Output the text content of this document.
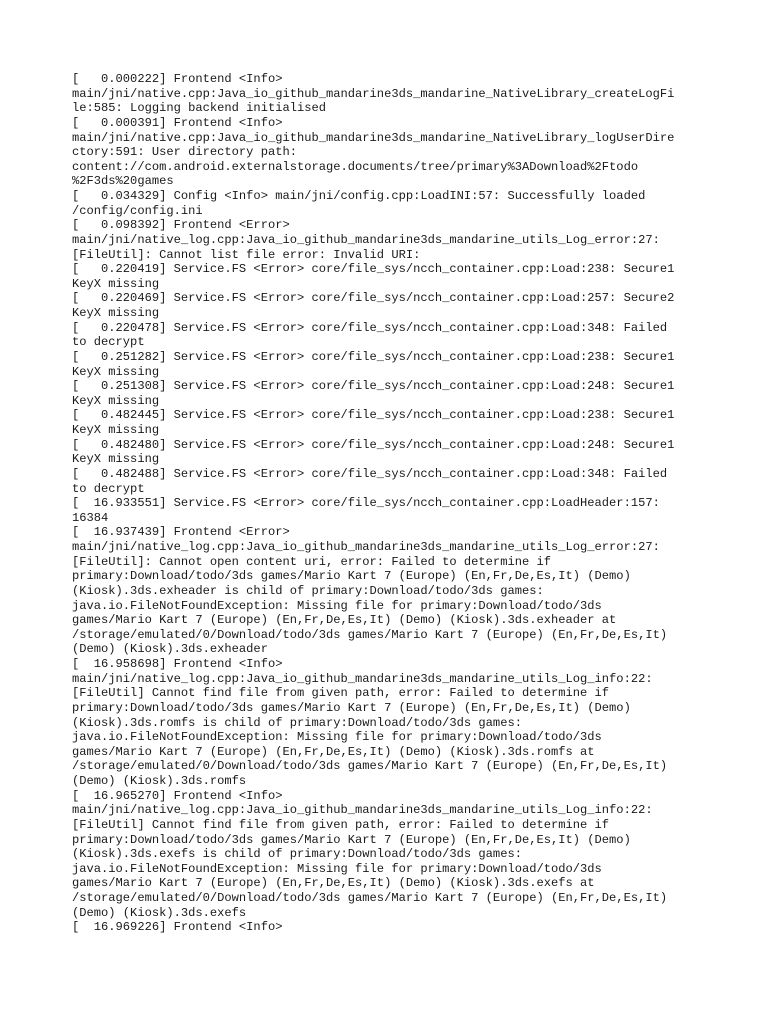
[   0.000222] Frontend <Info>
main/jni/native.cpp:Java_io_github_mandarine3ds_mandarine_NativeLibrary_createLogFi
le:585: Logging backend initialised
[   0.000391] Frontend <Info>
main/jni/native.cpp:Java_io_github_mandarine3ds_mandarine_NativeLibrary_logUserDire
ctory:591: User directory path:
content://com.android.externalstorage.documents/tree/primary%3ADownload%2Ftodo
%2F3ds%20games
[   0.034329] Config <Info> main/jni/config.cpp:LoadINI:57: Successfully loaded
/config/config.ini
[   0.098392] Frontend <Error>
main/jni/native_log.cpp:Java_io_github_mandarine3ds_mandarine_utils_Log_error:27:
[FileUtil]: Cannot list file error: Invalid URI:
[   0.220419] Service.FS <Error> core/file_sys/ncch_container.cpp:Load:238: Secure1
KeyX missing
[   0.220469] Service.FS <Error> core/file_sys/ncch_container.cpp:Load:257: Secure2
KeyX missing
[   0.220478] Service.FS <Error> core/file_sys/ncch_container.cpp:Load:348: Failed
to decrypt
[   0.251282] Service.FS <Error> core/file_sys/ncch_container.cpp:Load:238: Secure1
KeyX missing
[   0.251308] Service.FS <Error> core/file_sys/ncch_container.cpp:Load:248: Secure1
KeyX missing
[   0.482445] Service.FS <Error> core/file_sys/ncch_container.cpp:Load:238: Secure1
KeyX missing
[   0.482480] Service.FS <Error> core/file_sys/ncch_container.cpp:Load:248: Secure1
KeyX missing
[   0.482488] Service.FS <Error> core/file_sys/ncch_container.cpp:Load:348: Failed
to decrypt
[  16.933551] Service.FS <Error> core/file_sys/ncch_container.cpp:LoadHeader:157:
16384
[  16.937439] Frontend <Error>
main/jni/native_log.cpp:Java_io_github_mandarine3ds_mandarine_utils_Log_error:27:
[FileUtil]: Cannot open content uri, error: Failed to determine if
primary:Download/todo/3ds games/Mario Kart 7 (Europe) (En,Fr,De,Es,It) (Demo)
(Kiosk).3ds.exheader is child of primary:Download/todo/3ds games:
java.io.FileNotFoundException: Missing file for primary:Download/todo/3ds
games/Mario Kart 7 (Europe) (En,Fr,De,Es,It) (Demo) (Kiosk).3ds.exheader at
/storage/emulated/0/Download/todo/3ds games/Mario Kart 7 (Europe) (En,Fr,De,Es,It)
(Demo) (Kiosk).3ds.exheader
[  16.958698] Frontend <Info>
main/jni/native_log.cpp:Java_io_github_mandarine3ds_mandarine_utils_Log_info:22:
[FileUtil] Cannot find file from given path, error: Failed to determine if
primary:Download/todo/3ds games/Mario Kart 7 (Europe) (En,Fr,De,Es,It) (Demo)
(Kiosk).3ds.romfs is child of primary:Download/todo/3ds games:
java.io.FileNotFoundException: Missing file for primary:Download/todo/3ds
games/Mario Kart 7 (Europe) (En,Fr,De,Es,It) (Demo) (Kiosk).3ds.romfs at
/storage/emulated/0/Download/todo/3ds games/Mario Kart 7 (Europe) (En,Fr,De,Es,It)
(Demo) (Kiosk).3ds.romfs
[  16.965270] Frontend <Info>
main/jni/native_log.cpp:Java_io_github_mandarine3ds_mandarine_utils_Log_info:22:
[FileUtil] Cannot find file from given path, error: Failed to determine if
primary:Download/todo/3ds games/Mario Kart 7 (Europe) (En,Fr,De,Es,It) (Demo)
(Kiosk).3ds.exefs is child of primary:Download/todo/3ds games:
java.io.FileNotFoundException: Missing file for primary:Download/todo/3ds
games/Mario Kart 7 (Europe) (En,Fr,De,Es,It) (Demo) (Kiosk).3ds.exefs at
/storage/emulated/0/Download/todo/3ds games/Mario Kart 7 (Europe) (En,Fr,De,Es,It)
(Demo) (Kiosk).3ds.exefs
[  16.969226] Frontend <Info>
